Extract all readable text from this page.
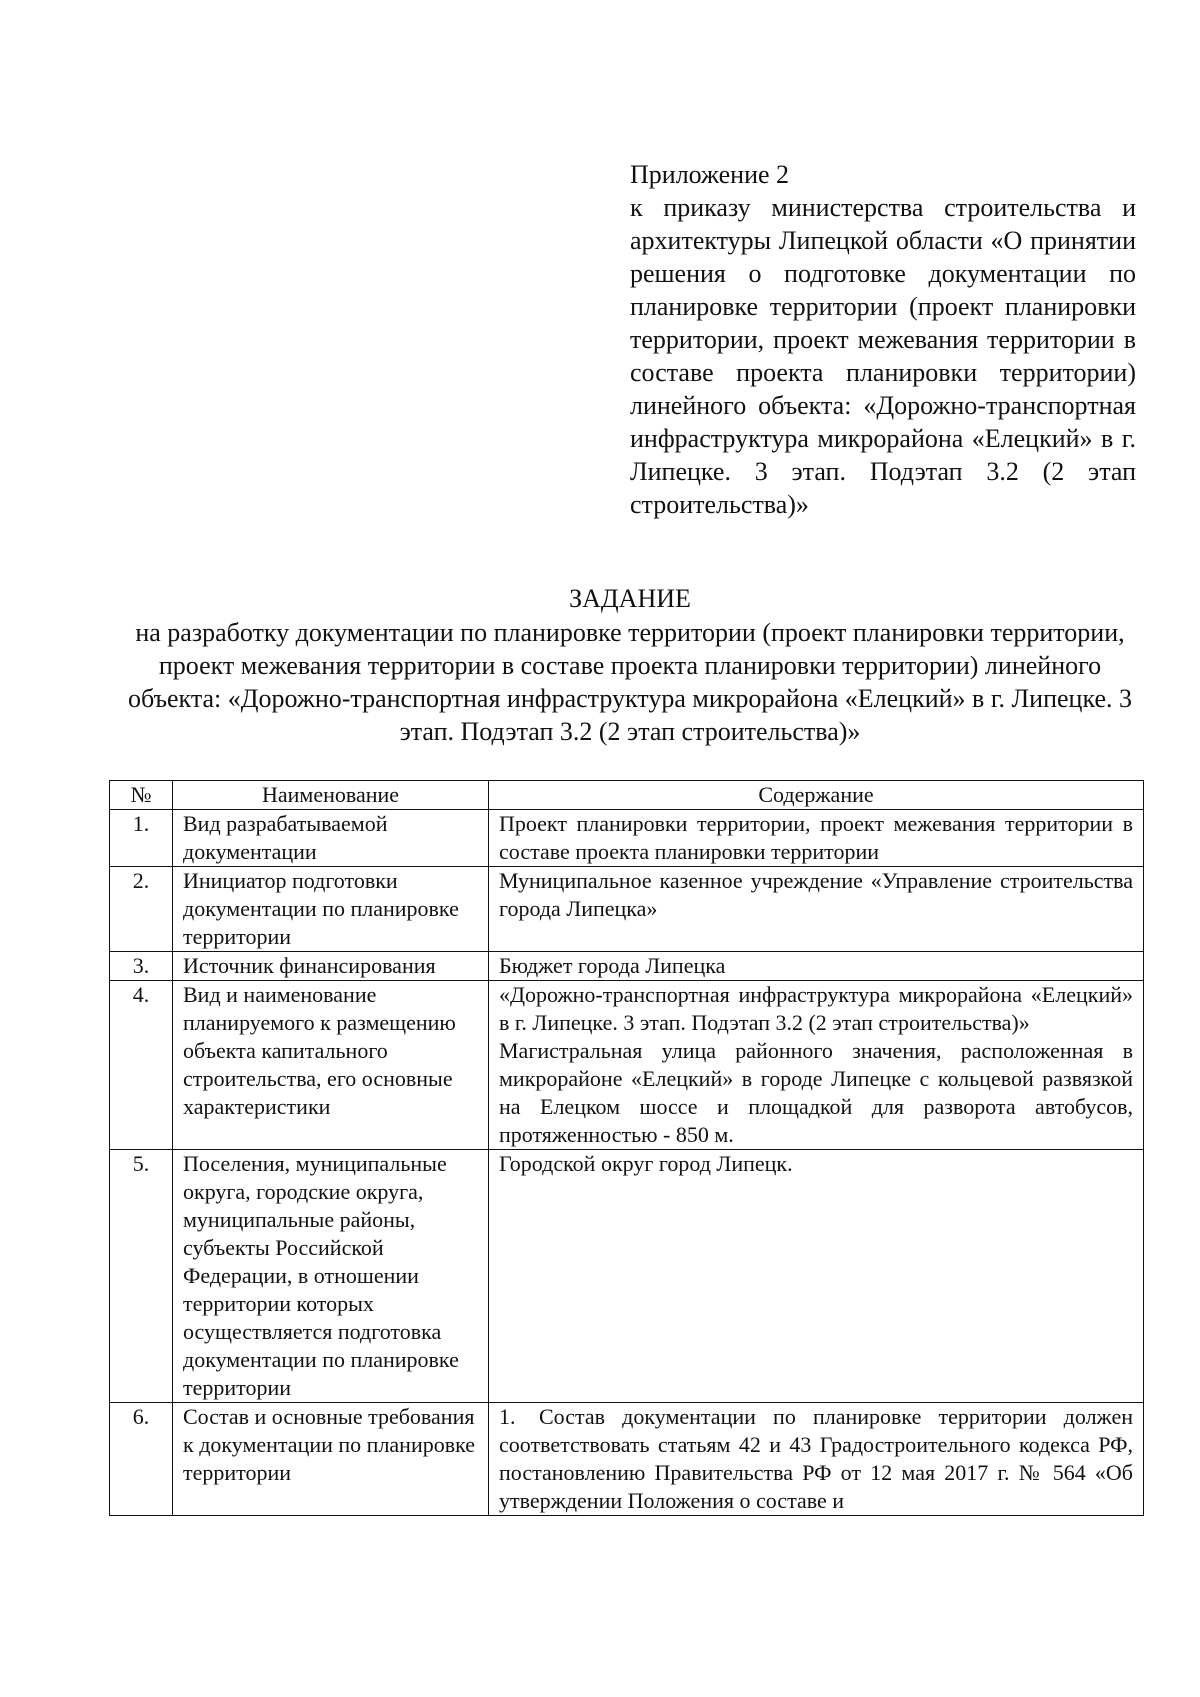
Приложение 2
к приказу министерства строительства и архитектуры Липецкой области «О принятии решения о подготовке документации по планировке территории (проект планировки территории, проект межевания территории в составе проекта планировки территории) линейного объекта: «Дорожно-транспортная инфраструктура микрорайона «Елецкий» в г. Липецке. 3 этап. Подэтап 3.2 (2 этап строительства)»
ЗАДАНИЕ
на разработку документации по планировке территории (проект планировки территории, проект межевания территории в составе проекта планировки территории) линейного объекта: «Дорожно-транспортная инфраструктура микрорайона «Елецкий» в г. Липецке. 3 этап. Подэтап 3.2 (2 этап строительства)»
№	Наименование	Содержание
1.	Вид разрабатываемой документации	Проект планировки территории, проект межевания территории в составе проекта планировки территории

2.	Инициатор подготовки документации по планировке территории	Муниципальное казенное учреждение «Управление строительства города Липецка»

3.	Источник финансирования	Бюджет города Липецка

4.	Вид и наименование планируемого к размещению объекта капитального строительства, его основные характеристики	«Дорожно-транспортная инфраструктура микрорайона «Елецкий» в г. Липецке. 3 этап. Подэтап 3.2 (2 этап строительства)»
Магистральная улица районного значения, расположенная в микрорайоне «Елецкий» в городе Липецке с кольцевой развязкой на Елецком шоссе и площадкой для разворота автобусов, протяженностью - 850 м.

5.	Поселения, муниципальные округа, городские округа, муниципальные районы, субъекты Российской Федерации, в отношении территории которых осуществляется подготовка документации по планировке территории	Городской округ город Липецк.

6.	Состав и основные требования к документации по планировке территории	1. Состав документации по планировке территории должен соответствовать статьям 42 и 43 Градостроительного кодекса РФ, постановлению Правительства РФ от 12 мая 2017 г. № 564 «Об утверждении Положения о составе и
